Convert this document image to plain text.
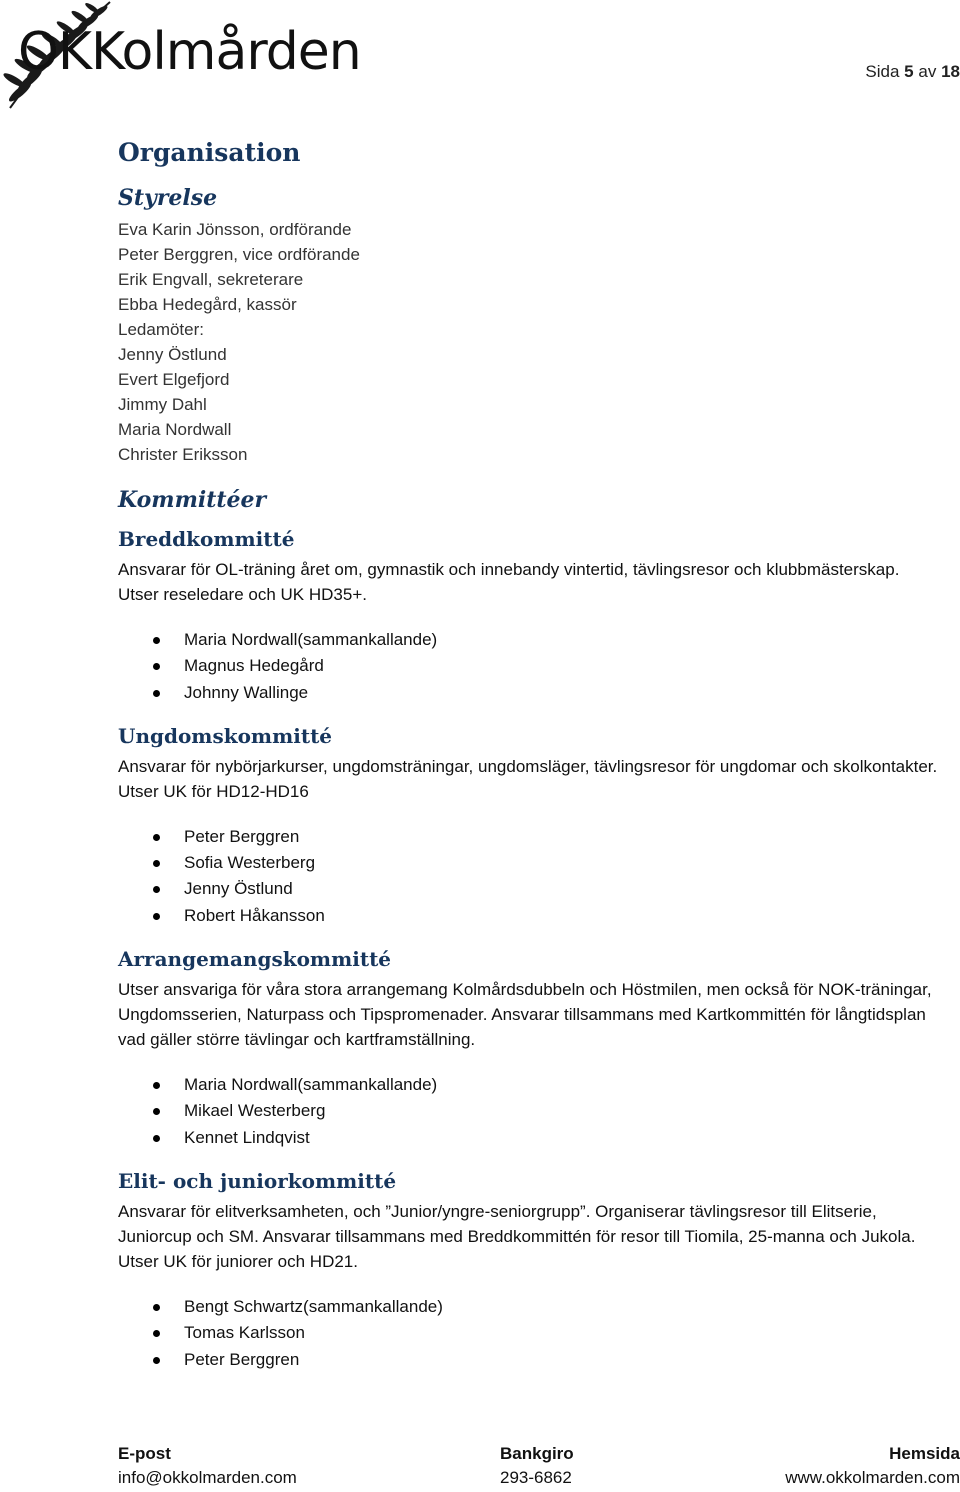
OKKolmården	Sida 5 av 18
Organisation
Styrelse
Eva Karin Jönsson, ordförande
Peter Berggren, vice ordförande
Erik Engvall, sekreterare
Ebba Hedegård, kassör
Ledamöter:
Jenny Östlund
Evert Elgefjord
Jimmy Dahl
Maria Nordwall
Christer Eriksson
Kommittéer
Breddkommitté

Ansvarar för OL-träning året om, gymnastik och innebandy vintertid, tävlingsresor och klubbmästerskap. Utser reseledare och UK HD35+.

Maria Nordwall(sammankallande)
Magnus Hedegård
Johnny Wallinge
Ungdomskommitté

Ansvarar för nybörjarkurser, ungdomsträningar, ungdomsläger, tävlingsresor för ungdomar och skolkontakter. Utser UK för HD12-HD16

Peter Berggren
Sofia Westerberg
Jenny Östlund
Robert Håkansson
Arrangemangskommitté

Utser ansvariga för våra stora arrangemang Kolmårdsdubbeln och Höstmilen, men också för NOK-träningar, Ungdomsserien, Naturpass och Tipspromenader. Ansvarar tillsammans med Kartkommittén för långtidsplan vad gäller större tävlingar och kartframställning.

Maria Nordwall(sammankallande)
Mikael Westerberg
Kennet Lindqvist
Elit- och juniorkommitté

Ansvarar för elitverksamheten, och ”Junior/yngre-seniorgrupp”. Organiserar tävlingsresor till Elitserie, Juniorcup och SM. Ansvarar tillsammans med Breddkommittén för resor till Tiomila, 25-manna och Jukola. Utser UK för juniorer och HD21.

Bengt Schwartz(sammankallande)
Tomas Karlsson
Peter Berggren
E-post
info@okkolmarden.com
Bankgiro
293-6862
Hemsida
www.okkolmarden.com
